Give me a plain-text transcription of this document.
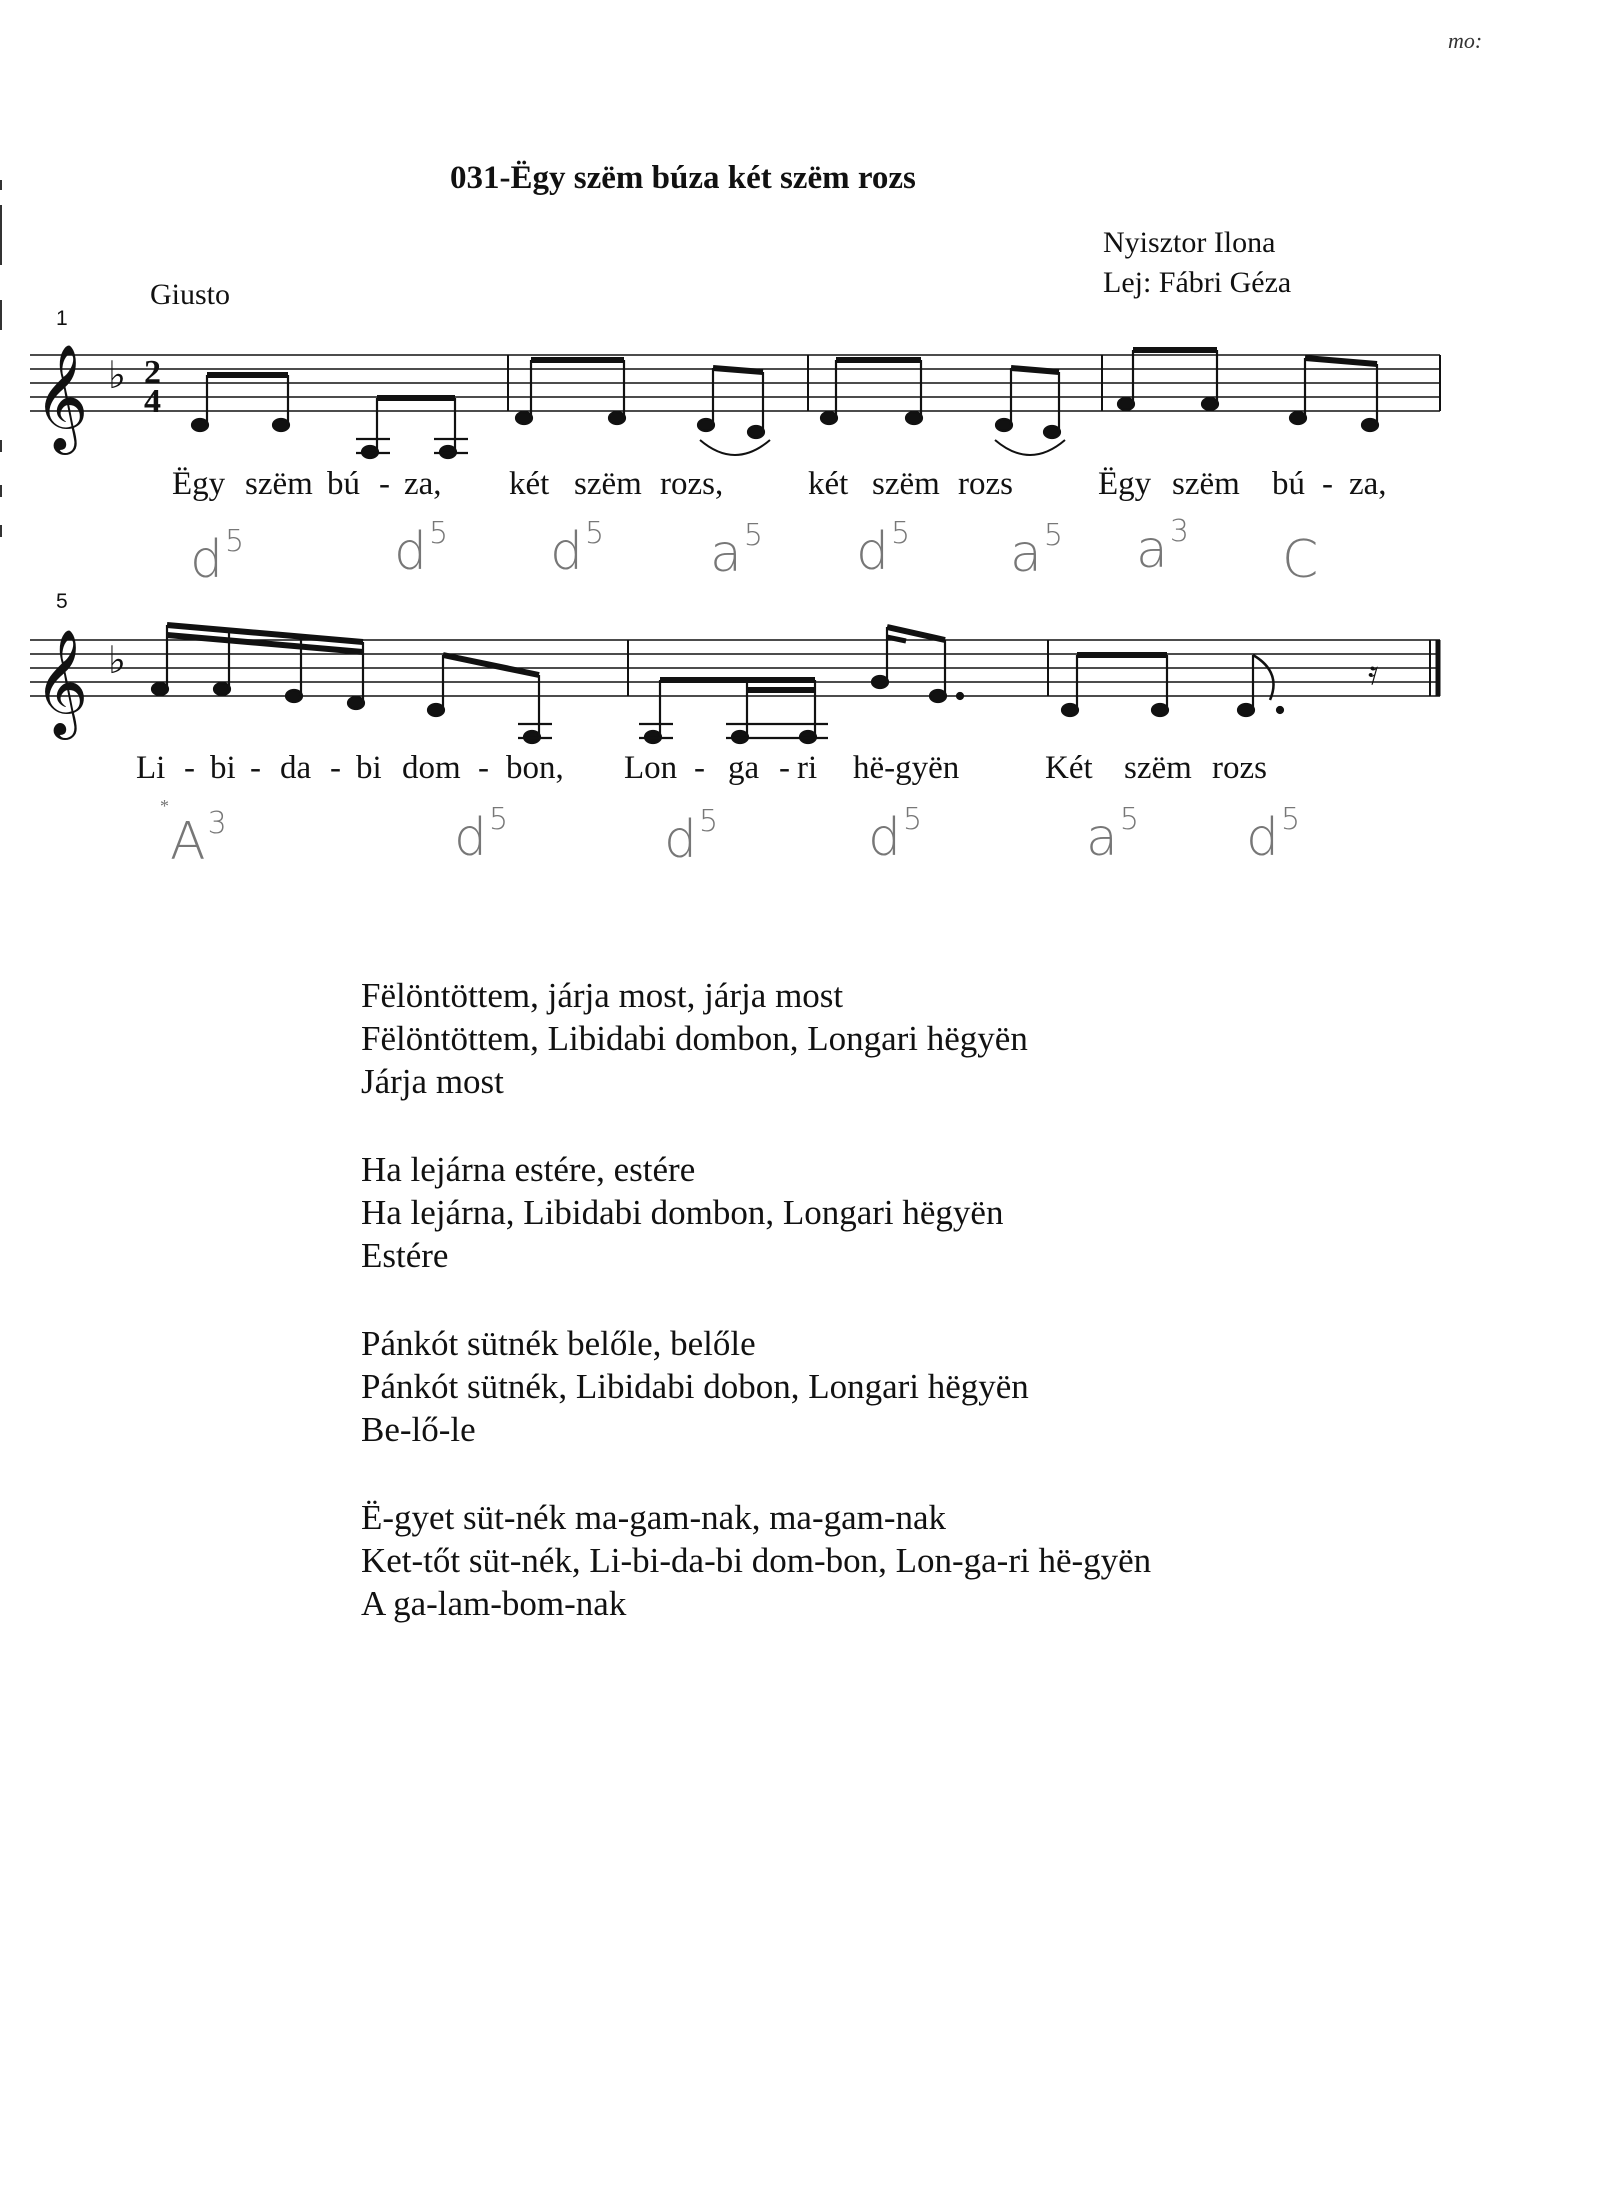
mo:
031-Ëgy szëm búza két szëm rozs
Nyisztor Ilona
Lej: Fábri Géza
Giusto
1
𝄞 ♭ 2
4
Ëgy szëm bú - za, két szëm rozs,	két szëm rozs	Ëgy szëm bú - za,
$d^5$	$d^5$ $d^5$ $a^5$ $d^5$ $a^5$ $a^3$ C
5
𝄞 ♭	𝄿
Li - bi - da - bi dom - bon, Lon - ga - ri hë-gyën	Két szëm rozs
*
$A^3$	$d^5$	$d^5$	$d^5$	$a^5$ $d^5$
Fëlöntöttem, járja most, járja most
Fëlöntöttem, Libidabi dombon, Longari hëgyën
Járja most
Ha lejárna estére, estére
Ha lejárna, Libidabi dombon, Longari hëgyën
Estére
Pánkót sütnék belőle, belőle
Pánkót sütnék, Libidabi dobon, Longari hëgyën
Be-lő-le
Ë-gyet süt-nék ma-gam-nak, ma-gam-nak
Ket-tőt süt-nék, Li-bi-da-bi dom-bon, Lon-ga-ri hë-gyën
A ga-lam-bom-nak
